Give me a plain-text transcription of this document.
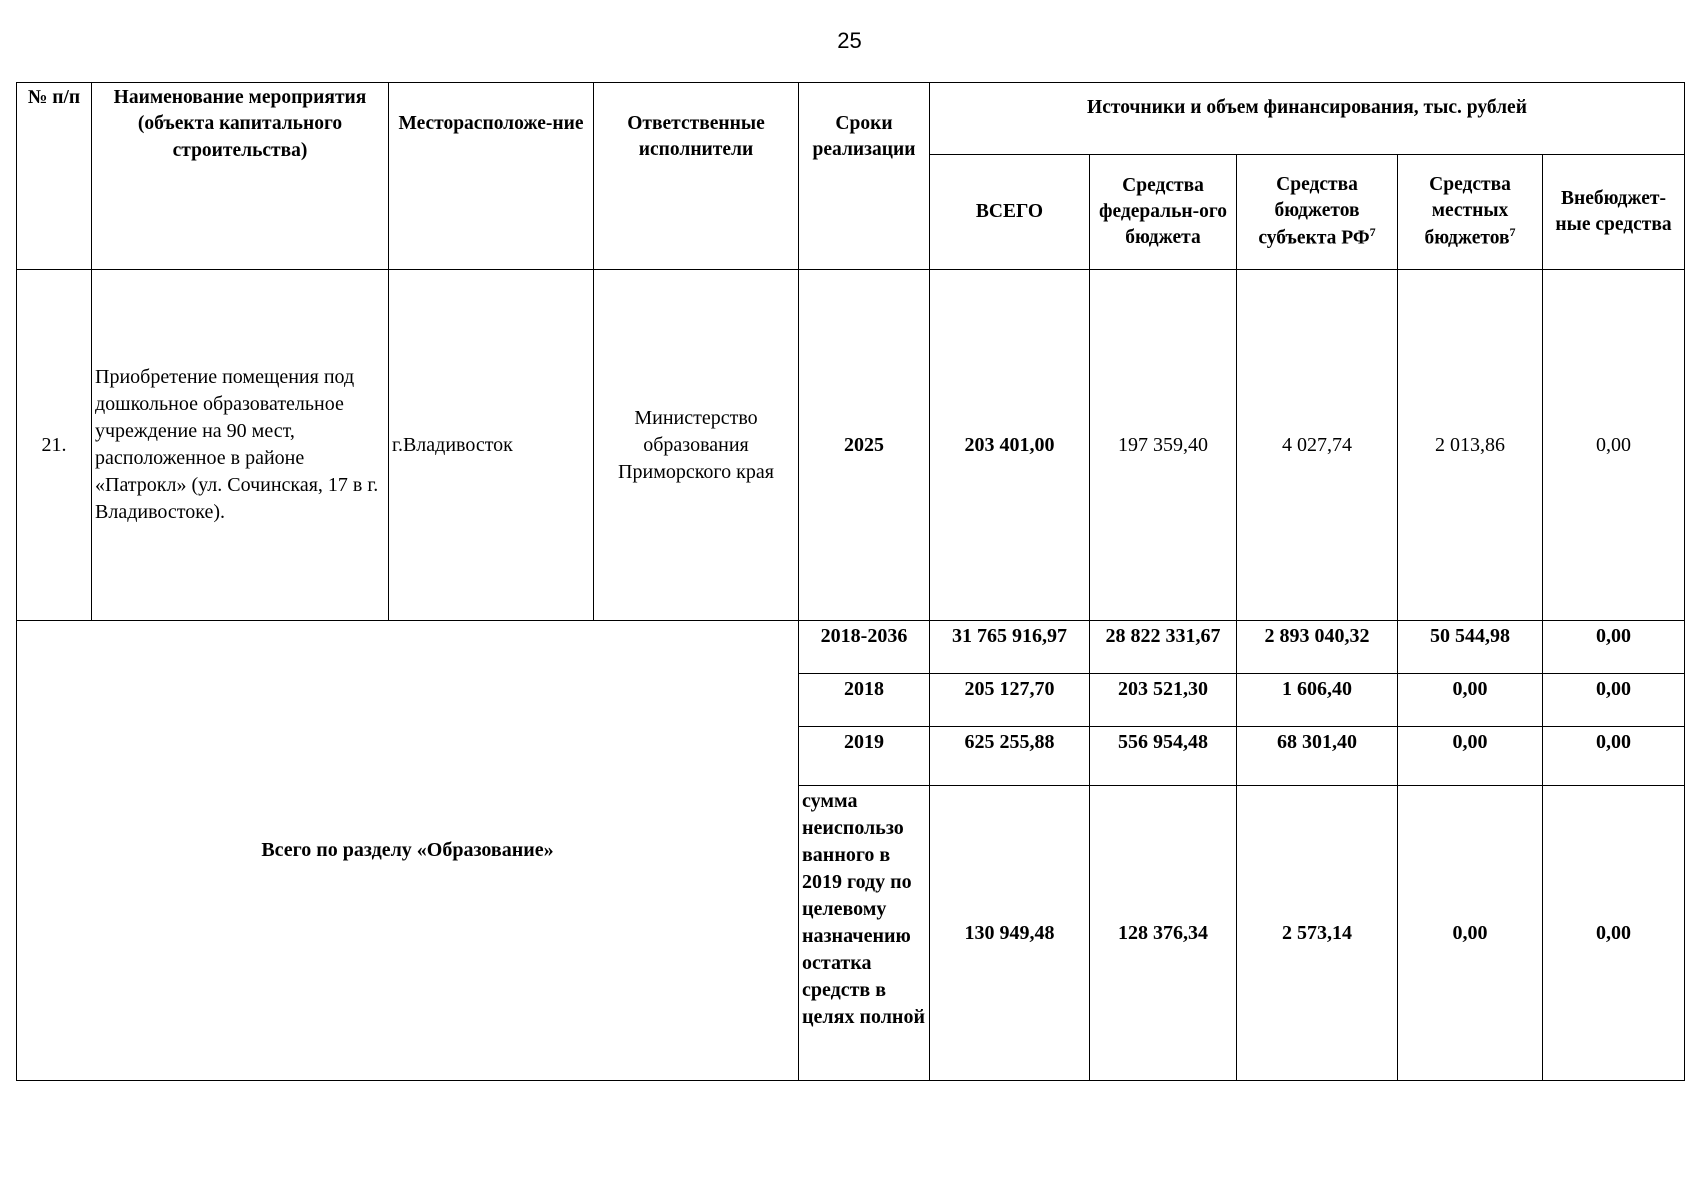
25
№ п/п	Наименование мероприятия (объекта капитального строительства)	Месторасположе-ние	Ответственные исполнители	Сроки реализации	Источники и объем финансирования, тыс. рублей				
					ВСЕГО	Средства федеральн-ого бюджета	Средства бюджетов субъекта $РФ^7$	Средства местных бюджетов$^7$	Внебюджет-ные средства
21.	Приобретение помещения под дошкольное образовательное учреждение на 90 мест, расположенное в районе «Патрокл» (ул. Сочинская, 17 в г. Владивостоке).	г.Владивосток	Министерство образования Приморского края	2025	203 401,00	197 359,40	4 027,74	2 013,86	0,00
Всего по разделу «Образование»				2018-2036	31 765 916,97	28 822 331,67	2 893 040,32	50 544,98	0,00
				2018	205 127,70	203 521,30	1 606,40	0,00	0,00
				2019	625 255,88	556 954,48	68 301,40	0,00	0,00
				сумма неиспользо ванного в 2019 году по целевому назначению остатка средств в целях полной	130 949,48	128 376,34	2 573,14	0,00	0,00
